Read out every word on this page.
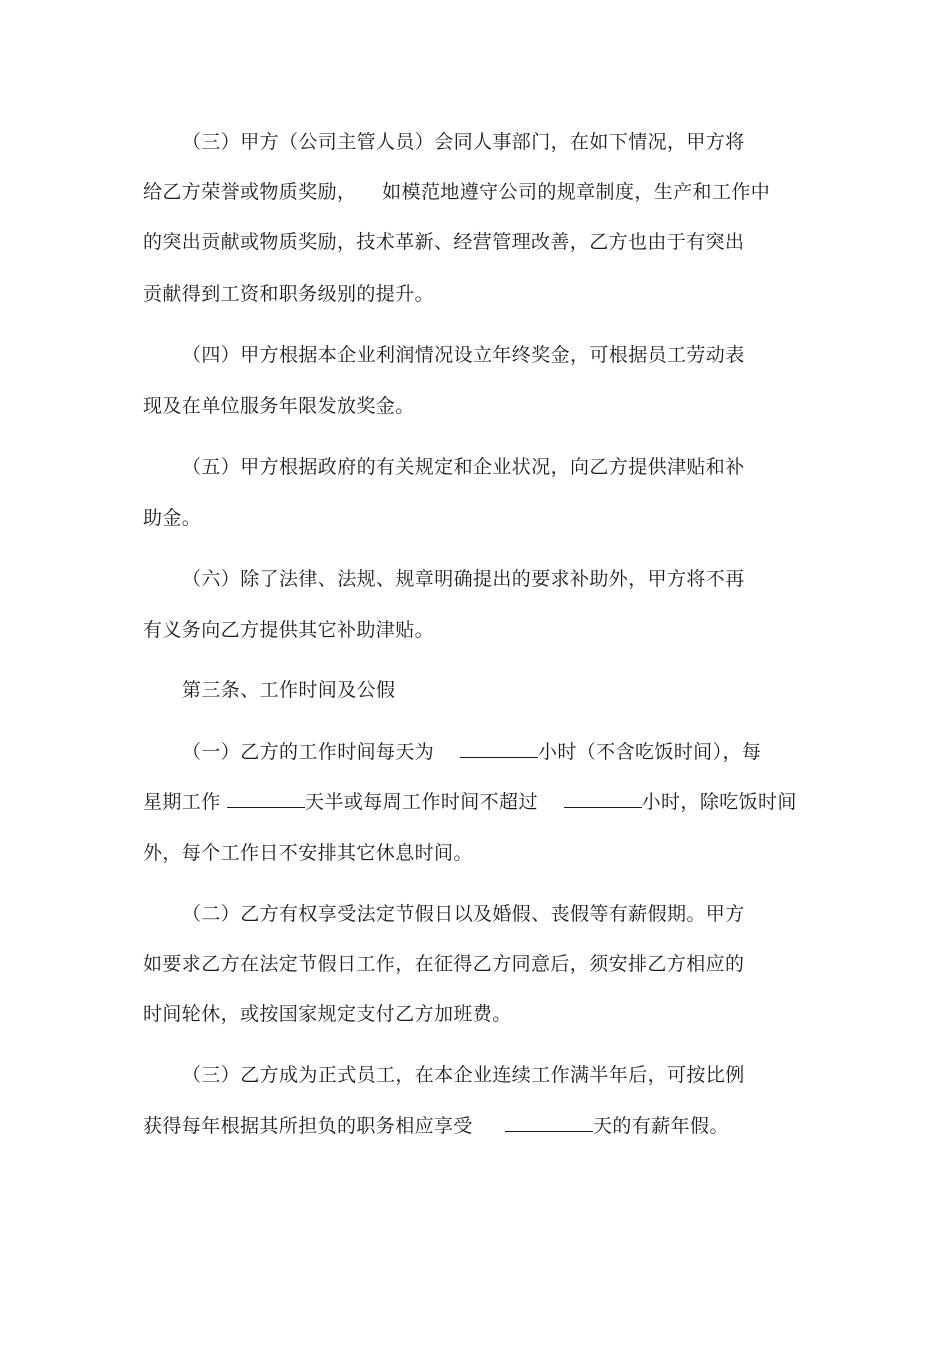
（三）甲方（公司主管人员）会同人事部门，在如下情况，甲方将
给乙方荣誉或物质奖励，    如模范地遵守公司的规章制度，生产和工作中
的突出贡献或物质奖励，技术革新、经营管理改善，乙方也由于有突出
贡献得到工资和职务级别的提升。
（四）甲方根据本企业利润情况设立年终奖金，可根据员工劳动表
现及在单位服务年限发放奖金。
（五）甲方根据政府的有关规定和企业状况，向乙方提供津贴和补
助金。
（六）除了法律、法规、规章明确提出的要求补助外，甲方将不再
有义务向乙方提供其它补助津贴。
第三条、工作时间及公假
（一）乙方的工作时间每天为	小时（不含吃饭时间），每
星期工作	天半或每周工作时间不超过	小时，除吃饭时间
外，每个工作日不安排其它休息时间。
（二）乙方有权享受法定节假日以及婚假、丧假等有薪假期。甲方
如要求乙方在法定节假日工作，在征得乙方同意后，须安排乙方相应的
时间轮休，或按国家规定支付乙方加班费。
（三）乙方成为正式员工，在本企业连续工作满半年后，可按比例
获得每年根据其所担负的职务相应享受	天的有薪年假。
